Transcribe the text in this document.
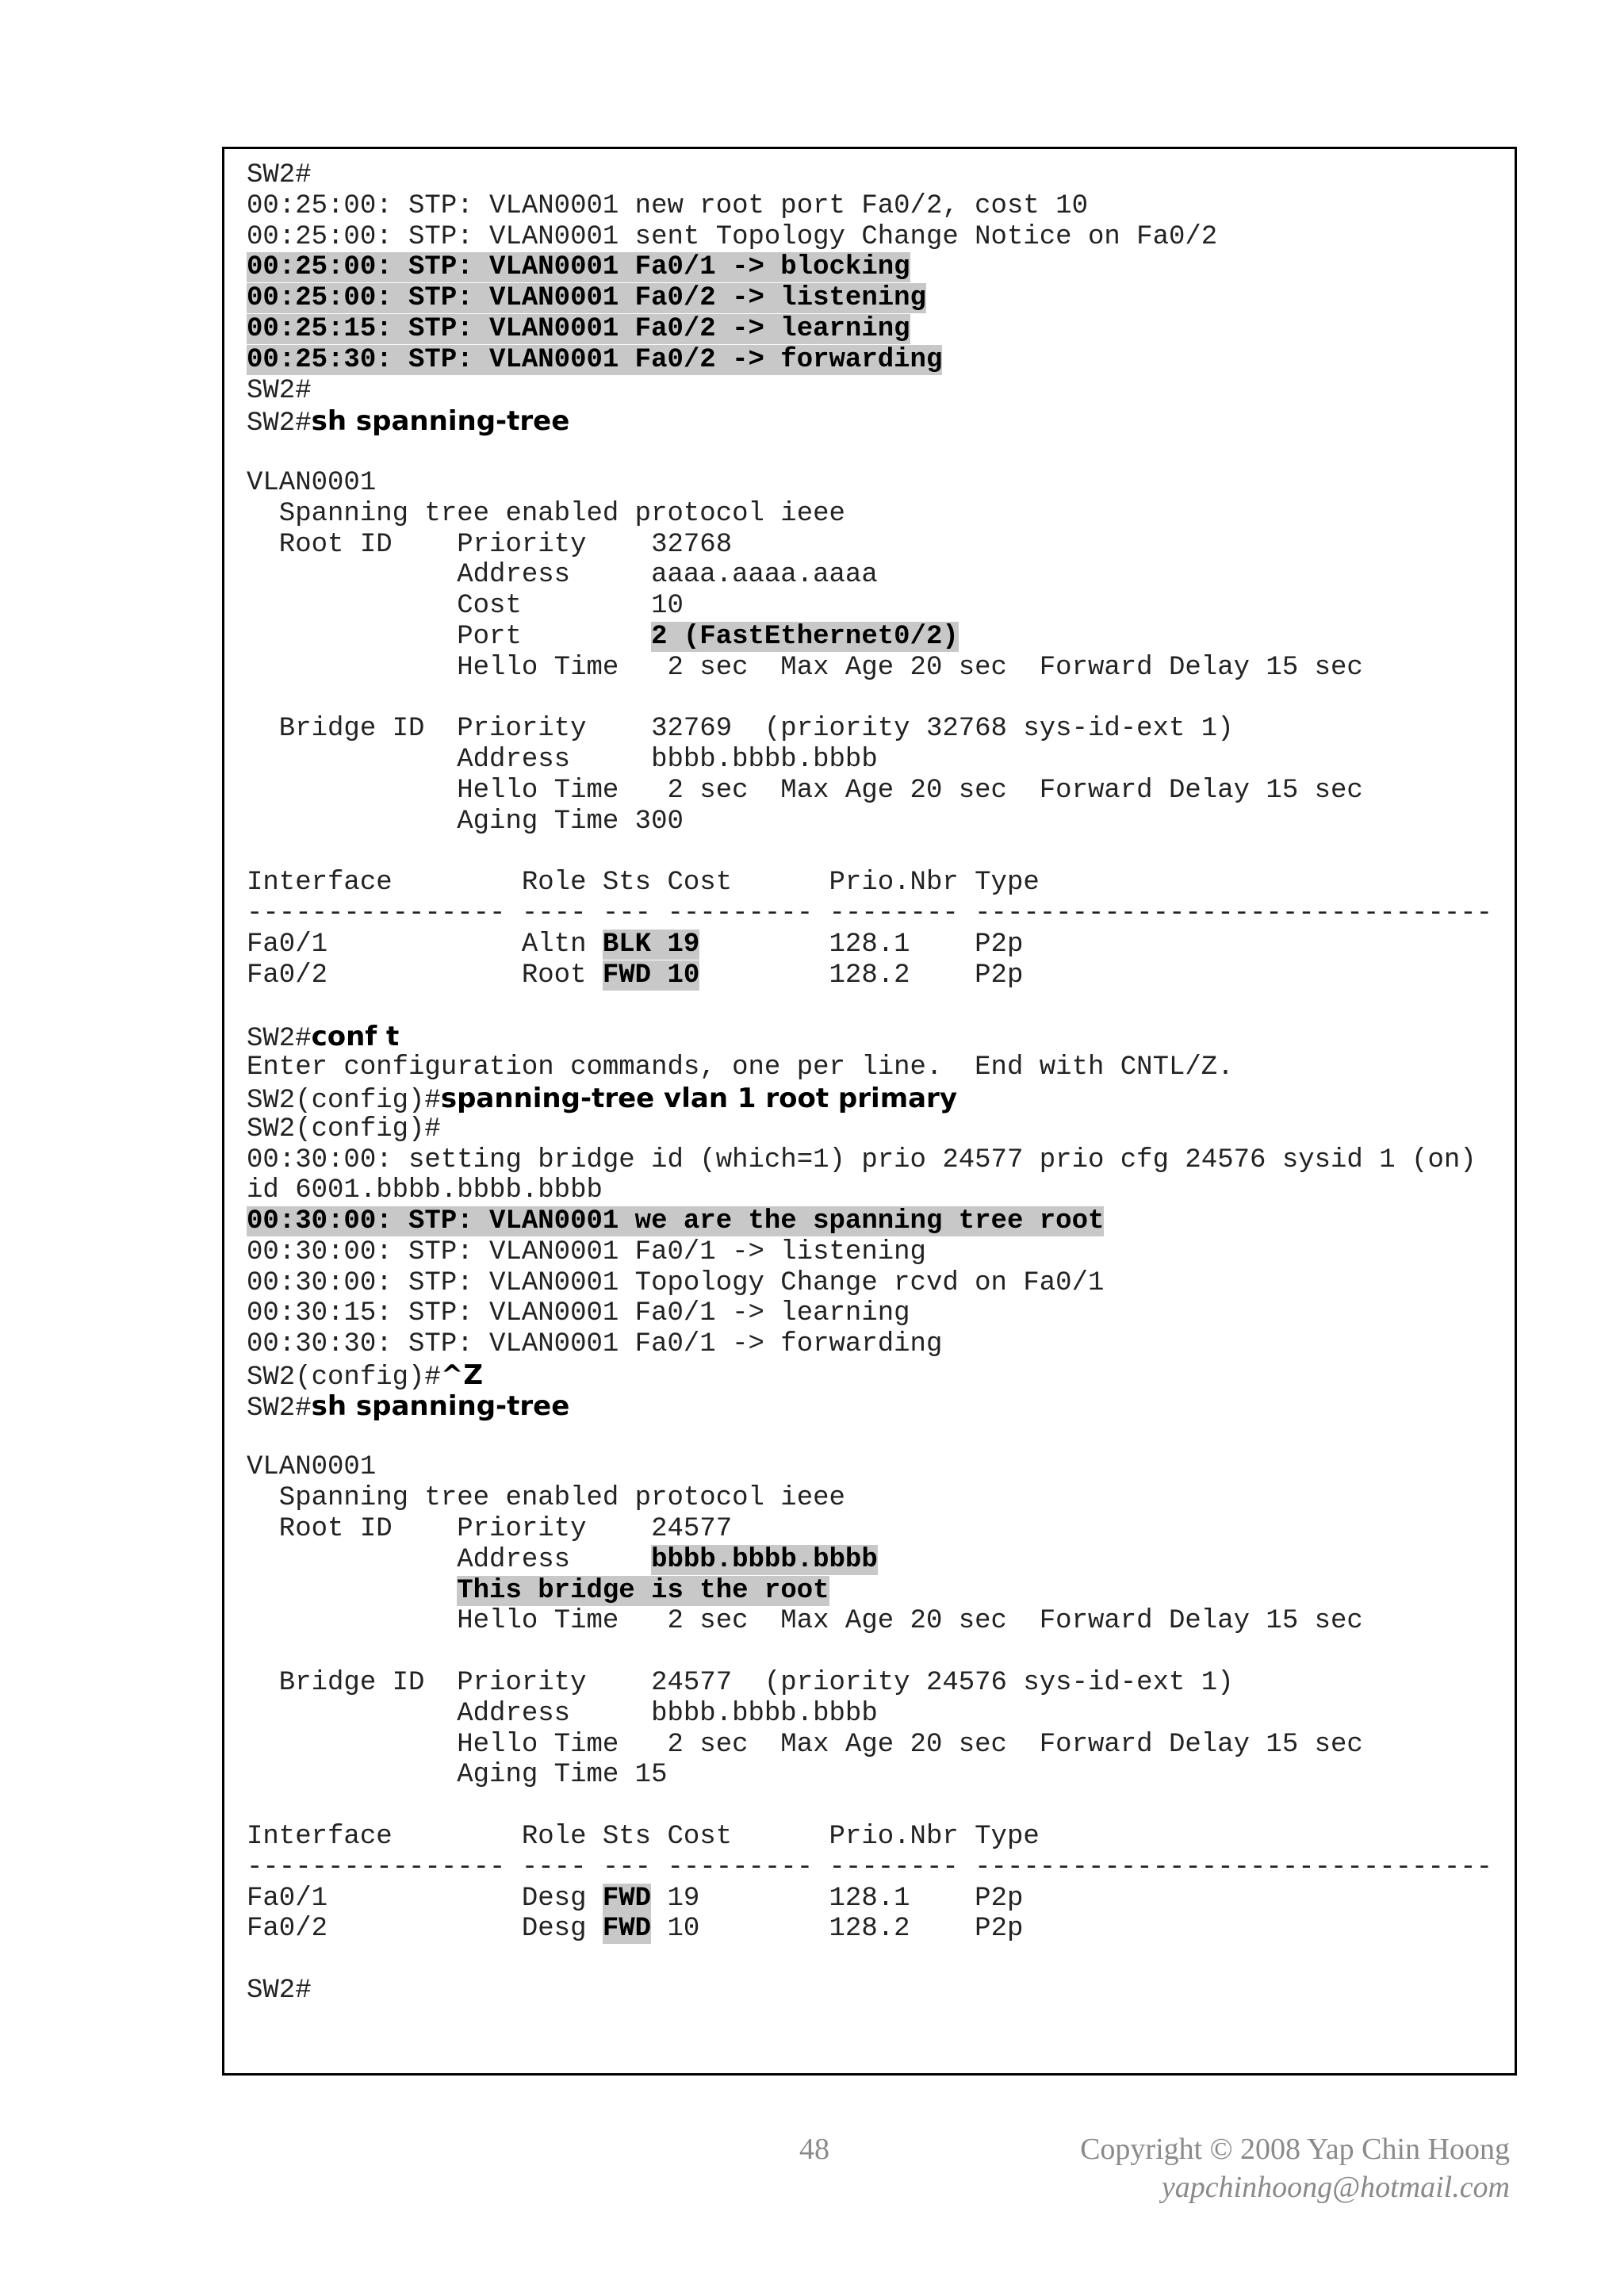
SW2#
00:25:00: STP: VLAN0001 new root port Fa0/2, cost 10
00:25:00: STP: VLAN0001 sent Topology Change Notice on Fa0/2
00:25:00: STP: VLAN0001 Fa0/1 -> blocking
00:25:00: STP: VLAN0001 Fa0/2 -> listening
00:25:15: STP: VLAN0001 Fa0/2 -> learning
00:25:30: STP: VLAN0001 Fa0/2 -> forwarding
SW2#
SW2#sh spanning-tree
VLAN0001
Spanning tree enabled protocol ieee
Root ID    Priority    32768
Address     aaaa.aaaa.aaaa
Cost        10
Port        2 (FastEthernet0/2)
Hello Time   2 sec  Max Age 20 sec  Forward Delay 15 sec
Bridge ID  Priority    32769  (priority 32768 sys-id-ext 1)
Address     bbbb.bbbb.bbbb
Hello Time   2 sec  Max Age 20 sec  Forward Delay 15 sec
Aging Time 300
Interface        Role Sts Cost      Prio.Nbr Type
---------------- ---- --- --------- -------- --------------------------------
Fa0/1            Altn BLK 19        128.1    P2p
Fa0/2            Root FWD 10        128.2    P2p
SW2#conf t
Enter configuration commands, one per line.  End with CNTL/Z.
SW2(config)#spanning-tree vlan 1 root primary
SW2(config)#
00:30:00: setting bridge id (which=1) prio 24577 prio cfg 24576 sysid 1 (on)
id 6001.bbbb.bbbb.bbbb
00:30:00: STP: VLAN0001 we are the spanning tree root
00:30:00: STP: VLAN0001 Fa0/1 -> listening
00:30:00: STP: VLAN0001 Topology Change rcvd on Fa0/1
00:30:15: STP: VLAN0001 Fa0/1 -> learning
00:30:30: STP: VLAN0001 Fa0/1 -> forwarding
SW2(config)#^Z
SW2#sh spanning-tree
VLAN0001
Spanning tree enabled protocol ieee
Root ID    Priority    24577
Address     bbbb.bbbb.bbbb
This bridge is the root
Hello Time   2 sec  Max Age 20 sec  Forward Delay 15 sec
Bridge ID  Priority    24577  (priority 24576 sys-id-ext 1)
Address     bbbb.bbbb.bbbb
Hello Time   2 sec  Max Age 20 sec  Forward Delay 15 sec
Aging Time 15
Interface        Role Sts Cost      Prio.Nbr Type
---------------- ---- --- --------- -------- --------------------------------
Fa0/1            Desg FWD 19        128.1    P2p
Fa0/2            Desg FWD 10        128.2    P2p
SW2#
48	Copyright © 2008 Yap Chin Hoong
yapchinhoong@hotmail.com
